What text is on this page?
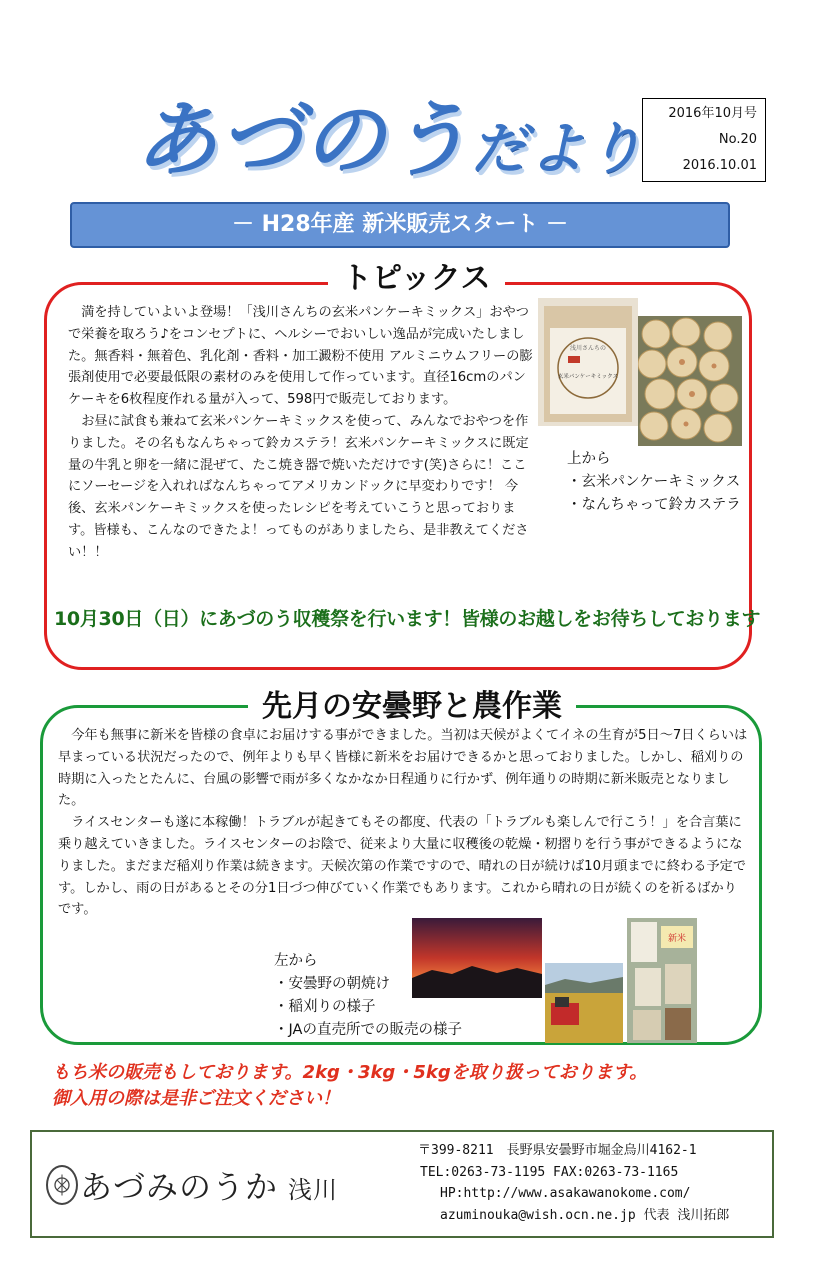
あづのうだより
2016年10月号
No.20
2016.10.01
－ H28年産 新米販売スタート －
トピックス

満を持していよいよ登場！「浅川さんちの玄米パンケーキミックス」おやつで栄養を取ろう♪をコンセプトに、ヘルシーでおいしい逸品が完成いたしました。無香料・無着色、乳化剤・香料・加工澱粉不使用 アルミニウムフリーの膨張剤使用で必要最低限の素材のみを使用して作っています。直径16cmのパンケーキを6枚程度作れる量が入って、598円で販売しております。

お昼に試食も兼ねて玄米パンケーキミックスを使って、みんなでおやつを作りました。その名もなんちゃって鈴カステラ！玄米パンケーキミックスに既定量の牛乳と卵を一緒に混ぜて、たこ焼き器で焼いただけです(笑)さらに！ここにソーセージを入れればなんちゃってアメリカンドックに早変わりです！ 今後、玄米パンケーキミックスを使ったレシピを考えていこうと思っております。皆様も、こんなのできたよ！ってものがありましたら、是非教えてください！！

浅川さんちの
玄米パンケーキミックス
上から
・玄米パンケーキミックス
・なんちゃって鈴カステラ
10月30日（日）にあづのう収穫祭を行います！皆様のお越しをお待ちしております
先月の安曇野と農作業

今年も無事に新米を皆様の食卓にお届けする事ができました。当初は天候がよくてイネの生育が5日～7日くらいは早まっている状況だったので、例年よりも早く皆様に新米をお届けできるかと思っておりました。しかし、稲刈りの時期に入ったとたんに、台風の影響で雨が多くなかなか日程通りに行かず、例年通りの時期に新米販売となりました。

ライスセンターも遂に本稼働！トラブルが起きてもその都度、代表の「トラブルも楽しんで行こう！」を合言葉に乗り越えていきました。ライスセンターのお陰で、従来より大量に収穫後の乾燥・籾摺りを行う事ができるようになりました。まだまだ稲刈り作業は続きます。天候次第の作業ですので、晴れの日が続けば10月頭までに終わる予定です。しかし、雨の日があるとその分1日づつ伸びていく作業でもあります。これから晴れの日が続くのを祈るばかりです。

左から
・安曇野の朝焼け
・稲刈りの様子
・JAの直売所での販売の様子
新米
もち米の販売もしております。2kg・3kg・5kgを取り扱っております。
御入用の際は是非ご注文ください！
あづみのうか 浅川
〒399-8211　長野県安曇野市堀金烏川4162-1
TEL:0263-73-1195 FAX:0263-73-1165
HP:http://www.asakawanokome.com/
azuminouka@wish.ocn.ne.jp 代表 浅川拓郎
